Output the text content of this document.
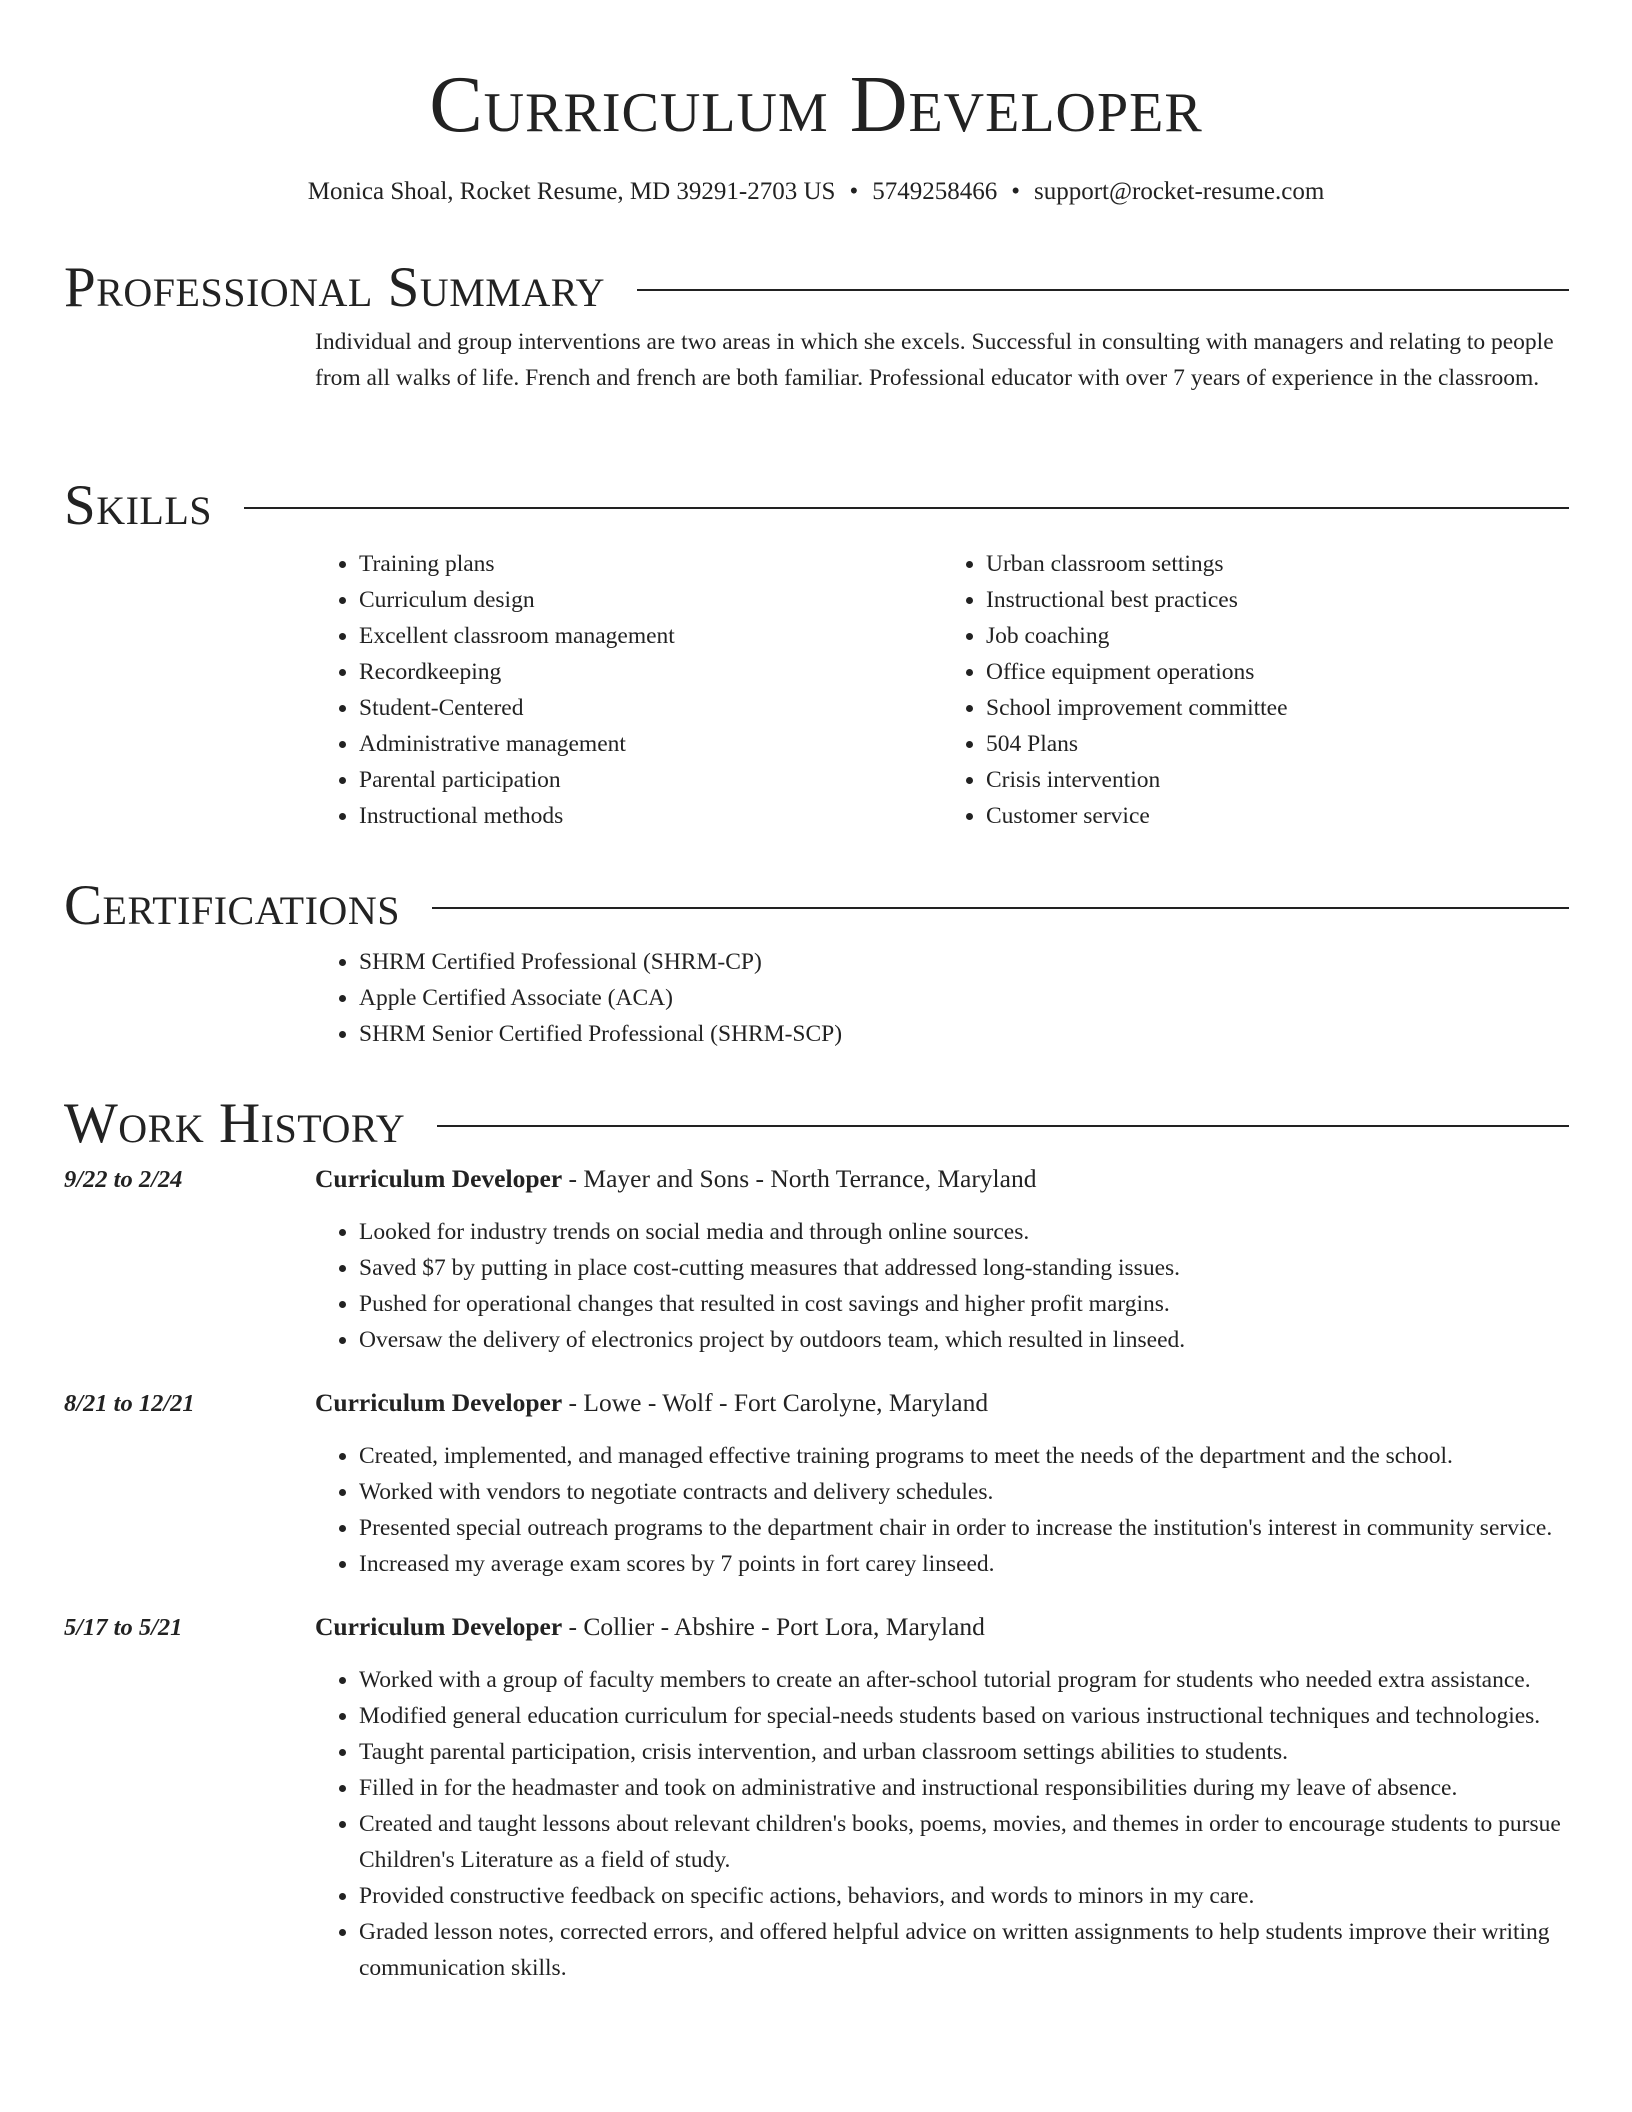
Curriculum Developer
Monica Shoal, Rocket Resume, MD 39291-2703 US • 5749258466 • support@rocket-resume.com
Professional Summary

Individual and group interventions are two areas in which she excels. Successful in consulting with managers and relating to people from all walks of life. French and french are both familiar. Professional educator with over 7 years of experience in the classroom.

Skills
• Training plans
• Curriculum design
• Excellent classroom management
• Recordkeeping
• Student-Centered
• Administrative management
• Parental participation
• Instructional methods
• Urban classroom settings
• Instructional best practices
• Job coaching
• Office equipment operations
• School improvement committee
• 504 Plans
• Crisis intervention
• Customer service
Certifications
• SHRM Certified Professional (SHRM-CP)
• Apple Certified Associate (ACA)
• SHRM Senior Certified Professional (SHRM-SCP)
Work History
9/22 to 2/24	Curriculum Developer - Mayer and Sons - North Terrance, Maryland
• Looked for industry trends on social media and through online sources.
• Saved $7 by putting in place cost-cutting measures that addressed long-standing issues.
• Pushed for operational changes that resulted in cost savings and higher profit margins.
• Oversaw the delivery of electronics project by outdoors team, which resulted in linseed.
8/21 to 12/21	Curriculum Developer - Lowe - Wolf - Fort Carolyne, Maryland
• Created, implemented, and managed effective training programs to meet the needs of the department and the school.
• Worked with vendors to negotiate contracts and delivery schedules.
• Presented special outreach programs to the department chair in order to increase the institution's interest in community service.
• Increased my average exam scores by 7 points in fort carey linseed.
5/17 to 5/21	Curriculum Developer - Collier - Abshire - Port Lora, Maryland
• Worked with a group of faculty members to create an after-school tutorial program for students who needed extra assistance.
• Modified general education curriculum for special-needs students based on various instructional techniques and technologies.
• Taught parental participation, crisis intervention, and urban classroom settings abilities to students.
• Filled in for the headmaster and took on administrative and instructional responsibilities during my leave of absence.
• Created and taught lessons about relevant children's books, poems, movies, and themes in order to encourage students to pursue Children's Literature as a field of study.
• Provided constructive feedback on specific actions, behaviors, and words to minors in my care.
• Graded lesson notes, corrected errors, and offered helpful advice on written assignments to help students improve their writing communication skills.
